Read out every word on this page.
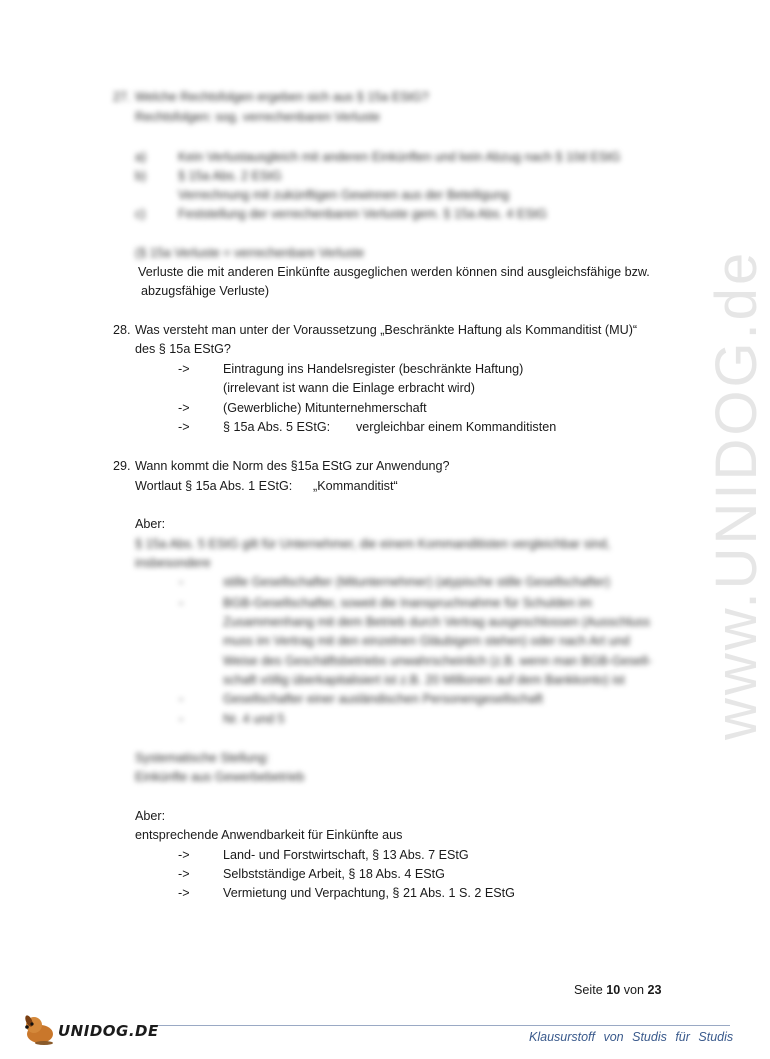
www.UNIDOG.de
27. Welche Rechtsfolgen ergeben sich aus § 15a EStG?
Rechtsfolgen: sog. verrechenbaren Verluste
a)	Kein Verlustausgleich mit anderen Einkünften und kein Abzug nach § 10d EStG
b)	§ 15a Abs. 2 EStG
Verrechnung mit zukünftigen Gewinnen aus der Beteiligung
c)	Feststellung der verrechenbaren Verluste gem. § 15a Abs. 4 EStG
(§ 15a Verluste = verrechenbare Verluste
Verluste die mit anderen Einkünfte ausgeglichen werden können sind ausgleichsfähige bzw.
abzugsfähige Verluste)
28. Was versteht man unter der Voraussetzung „Beschränkte Haftung als Kommanditist (MU)“
des § 15a EStG?
->	Eintragung ins Handelsregister (beschränkte Haftung)
(irrelevant ist wann die Einlage erbracht wird)
->	(Gewerbliche) Mitunternehmerschaft
->	§ 15a Abs. 5 EStG: vergleichbar einem Kommanditisten
29. Wann kommt die Norm des §15a EStG zur Anwendung?
Wortlaut § 15a Abs. 1 EStG: „Kommanditist“
Aber:
§ 15a Abs. 5 EStG gilt für Unternehmer, die einem Kommanditisten vergleichbar sind,
insbesondere
-	stille Gesellschafter (Mitunternehmer) (atypische stille Gesellschafter)
-	BGB-Gesellschafter, soweit die Inanspruchnahme für Schulden im
Zusammenhang mit dem Betrieb durch Vertrag ausgeschlossen (Ausschluss
muss im Vertrag mit den einzelnen Gläubigern stehen) oder nach Art und
Weise des Geschäftsbetriebs unwahrscheinlich (z.B. wenn man BGB-Gesell-
schaft völlig überkapitalisiert ist z.B. 20 Millionen auf dem Bankkonto) ist
-	Gesellschafter einer ausländischen Personengesellschaft
-	Nr. 4 und 5
Systematische Stellung:
Einkünfte aus Gewerbebetrieb
Aber:
entsprechende Anwendbarkeit für Einkünfte aus
->	Land- und Forstwirtschaft, § 13 Abs. 7 EStG
->	Selbstständige Arbeit, § 18 Abs. 4 EStG
->	Vermietung und Verpachtung, § 21 Abs. 1 S. 2 EStG
Seite 10 von 23
UNIDOG.DE	Klausurstoff von Studis für Studis
